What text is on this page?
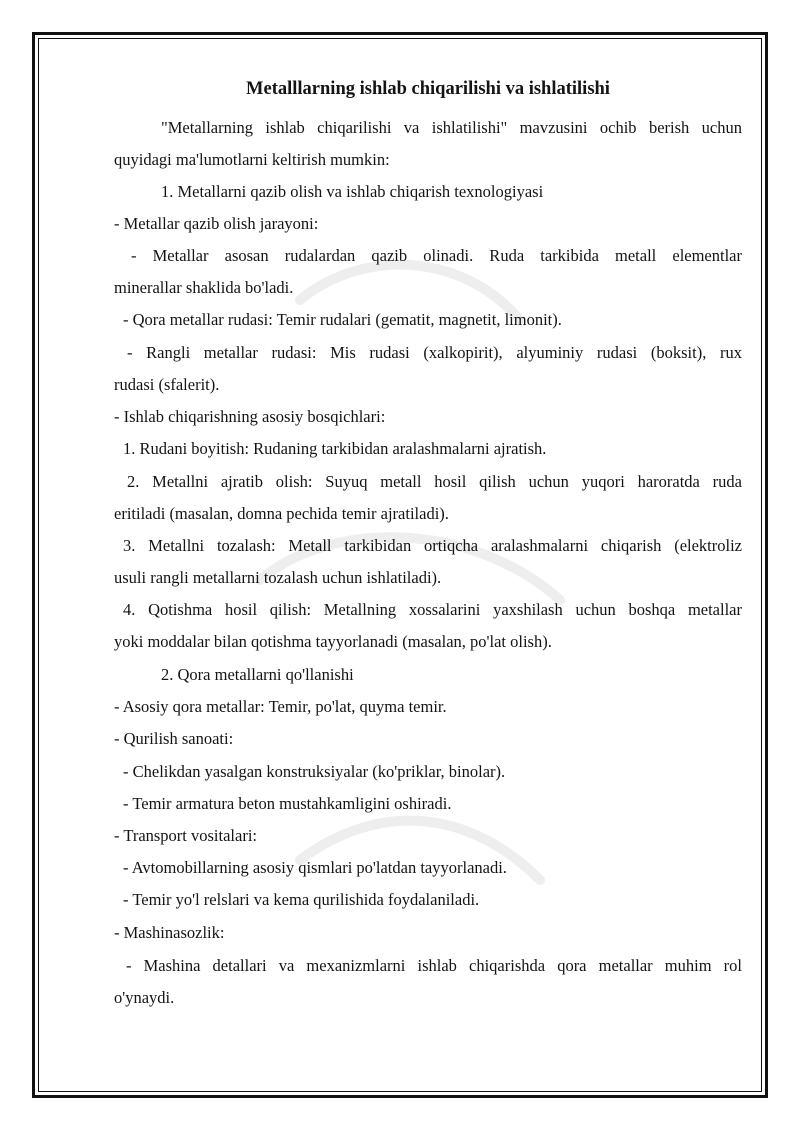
Metalllarning ishlab chiqarilishi va ishlatilishi

"Metallarning ishlab chiqarilishi va ishlatilishi" mavzusini ochib berish uchun

quyidagi ma'lumotlarni keltirish mumkin:

1. Metallarni qazib olish va ishlab chiqarish texnologiyasi

- Metallar qazib olish jarayoni:

- Metallar asosan rudalardan qazib olinadi. Ruda tarkibida metall elementlar

minerallar shaklida bo'ladi.

- Qora metallar rudasi: Temir rudalari (gematit, magnetit, limonit).

- Rangli metallar rudasi: Mis rudasi (xalkopirit), alyuminiy rudasi (boksit), rux

rudasi (sfalerit).

- Ishlab chiqarishning asosiy bosqichlari:

1. Rudani boyitish: Rudaning tarkibidan aralashmalarni ajratish.

2. Metallni ajratib olish: Suyuq metall hosil qilish uchun yuqori haroratda ruda

eritiladi (masalan, domna pechida temir ajratiladi).

3. Metallni tozalash: Metall tarkibidan ortiqcha aralashmalarni chiqarish (elektroliz

usuli rangli metallarni tozalash uchun ishlatiladi).

4. Qotishma hosil qilish: Metallning xossalarini yaxshilash uchun boshqa metallar

yoki moddalar bilan qotishma tayyorlanadi (masalan, po'lat olish).

2. Qora metallarni qo'llanishi

- Asosiy qora metallar: Temir, po'lat, quyma temir.

- Qurilish sanoati:

- Chelikdan yasalgan konstruksiyalar (ko'priklar, binolar).

- Temir armatura beton mustahkamligini oshiradi.

- Transport vositalari:

- Avtomobillarning asosiy qismlari po'latdan tayyorlanadi.

- Temir yo'l relslari va kema qurilishida foydalaniladi.

- Mashinasozlik:

- Mashina detallari va mexanizmlarni ishlab chiqarishda qora metallar muhim rol

o'ynaydi.
